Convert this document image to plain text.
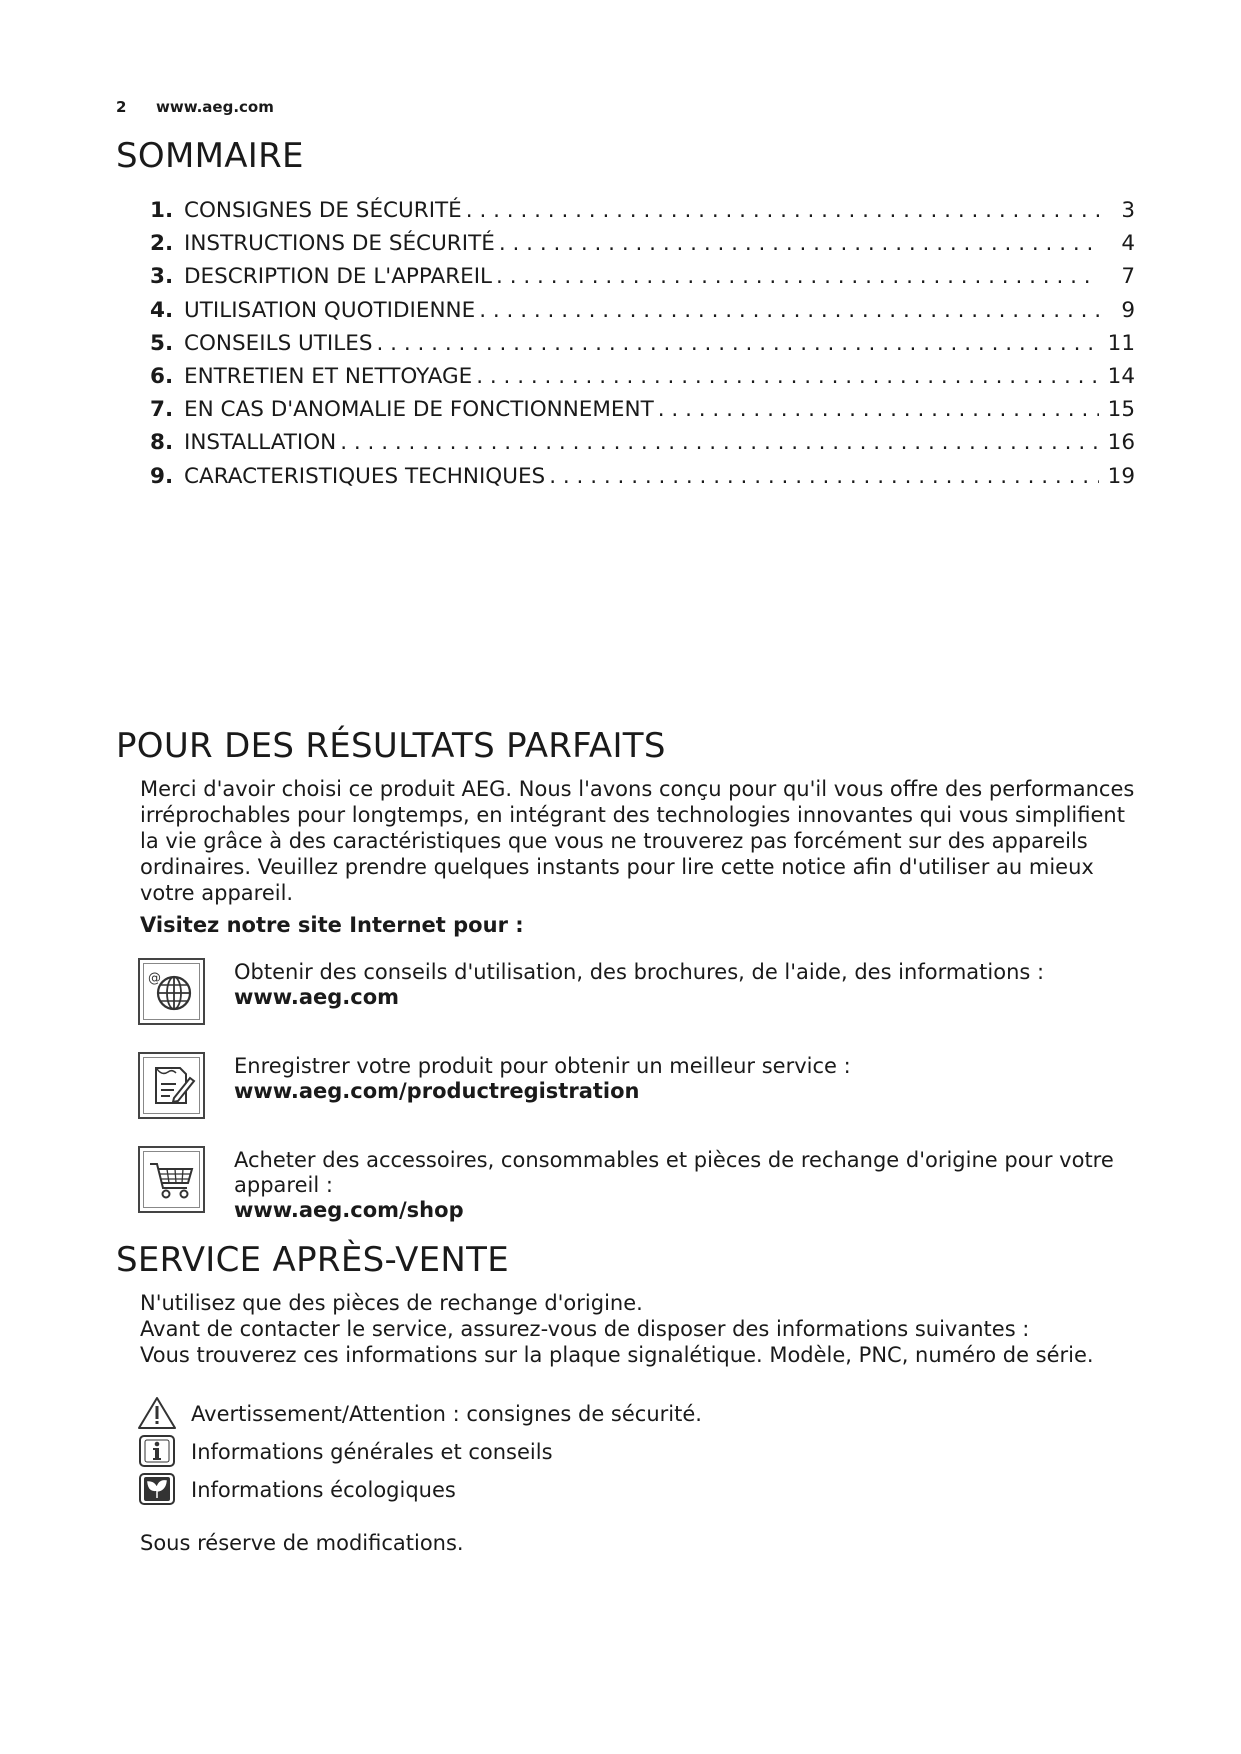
2 www.aeg.com
SOMMAIRE
1. CONSIGNES DE SÉCURITÉ . . .	3
2. INSTRUCTIONS DE SÉCURITÉ . . .	4
3. DESCRIPTION DE L'APPAREIL . . .	7
4. UTILISATION QUOTIDIENNE . . .	9
5. CONSEILS UTILES . . .	11
6. ENTRETIEN ET NETTOYAGE . . .	14
7. EN CAS D'ANOMALIE DE FONCTIONNEMENT . . .	15
8. INSTALLATION . . .	16
9. CARACTERISTIQUES TECHNIQUES . . .	19
POUR DES RÉSULTATS PARFAITS
Merci d'avoir choisi ce produit AEG. Nous l'avons conçu pour qu'il vous offre des performances irréprochables pour longtemps, en intégrant des technologies innovantes qui vous simplifient la vie grâce à des caractéristiques que vous ne trouverez pas forcément sur des appareils ordinaires. Veuillez prendre quelques instants pour lire cette notice afin d'utiliser au mieux votre appareil.
Visitez notre site Internet pour :
@	Obtenir des conseils d'utilisation, des brochures, de l'aide, des informations :
www.aeg.com
Enregistrer votre produit pour obtenir un meilleur service :
www.aeg.com/productregistration
Acheter des accessoires, consommables et pièces de rechange d'origine pour votre appareil :
www.aeg.com/shop
SERVICE APRÈS-VENTE
N'utilisez que des pièces de rechange d'origine.
Avant de contacter le service, assurez-vous de disposer des informations suivantes :
Vous trouverez ces informations sur la plaque signalétique. Modèle, PNC, numéro de série.
Avertissement/Attention : consignes de sécurité.
Informations générales et conseils
Informations écologiques
Sous réserve de modifications.
